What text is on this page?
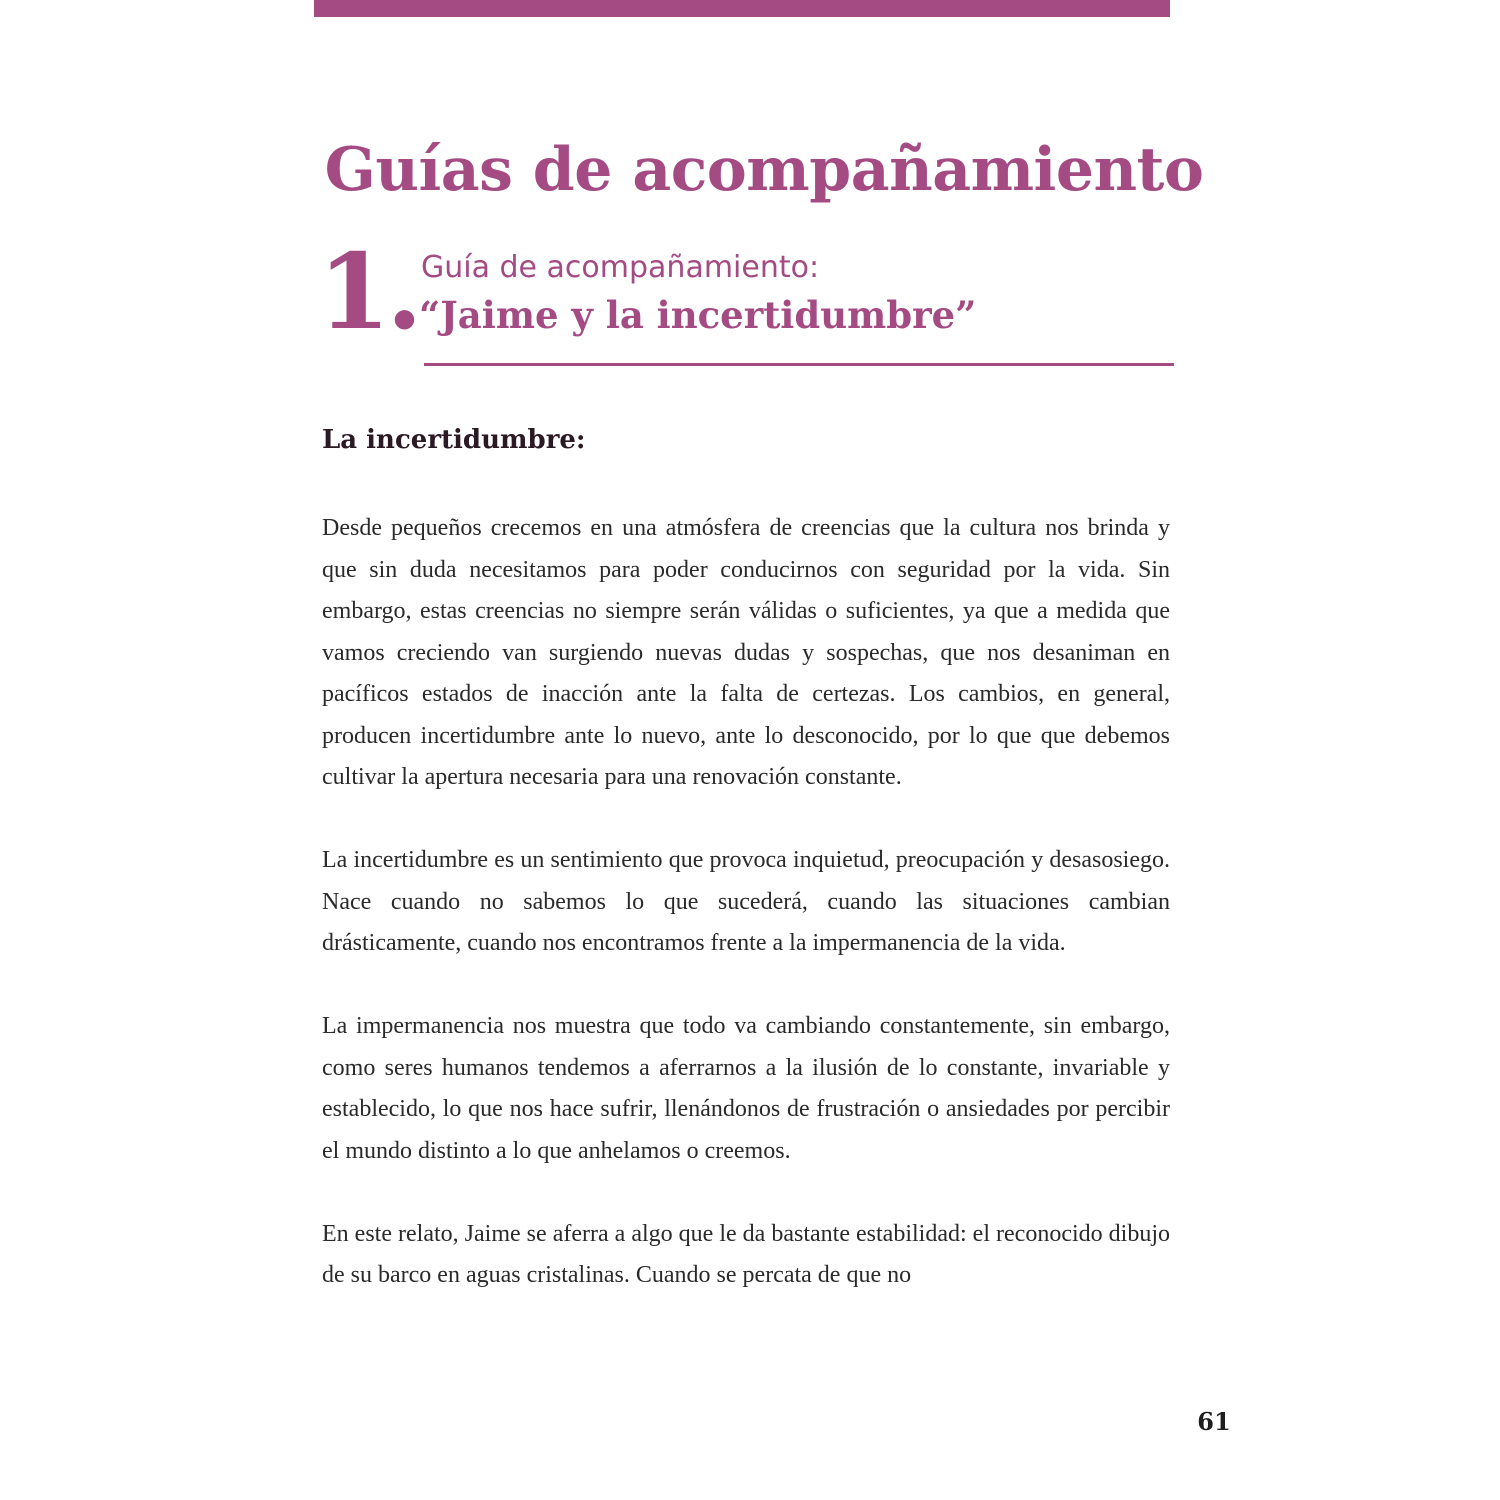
Guías de acompañamiento
1. Guía de acompañamiento:
“Jaime y la incertidumbre”
La incertidumbre:

Desde pequeños crecemos en una atmósfera de creencias que la cultura nos brinda y que sin duda necesitamos para poder conducirnos con seguridad por la vida. Sin embargo, estas creencias no siempre serán válidas o suficientes, ya que a medida que vamos creciendo van surgiendo nuevas dudas y sospechas, que nos desaniman en pacíficos estados de inacción ante la falta de certezas. Los cambios, en general, producen incertidumbre ante lo nuevo, ante lo desconocido, por lo que que debemos cultivar la apertura necesaria para una renovación constante.

La incertidumbre es un sentimiento que provoca inquietud, preocupación y desasosiego. Nace cuando no sabemos lo que sucederá, cuando las situaciones cambian drásticamente, cuando nos encontramos frente a la impermanencia de la vida.

La impermanencia nos muestra que todo va cambiando constantemente, sin embargo, como seres humanos tendemos a aferrarnos a la ilusión de lo constante, invariable y establecido, lo que nos hace sufrir, llenándonos de frustración o ansiedades por percibir el mundo distinto a lo que anhelamos o creemos.

En este relato, Jaime se aferra a algo que le da bastante estabilidad: el reconocido dibujo de su barco en aguas cristalinas. Cuando se percata de que no

61
